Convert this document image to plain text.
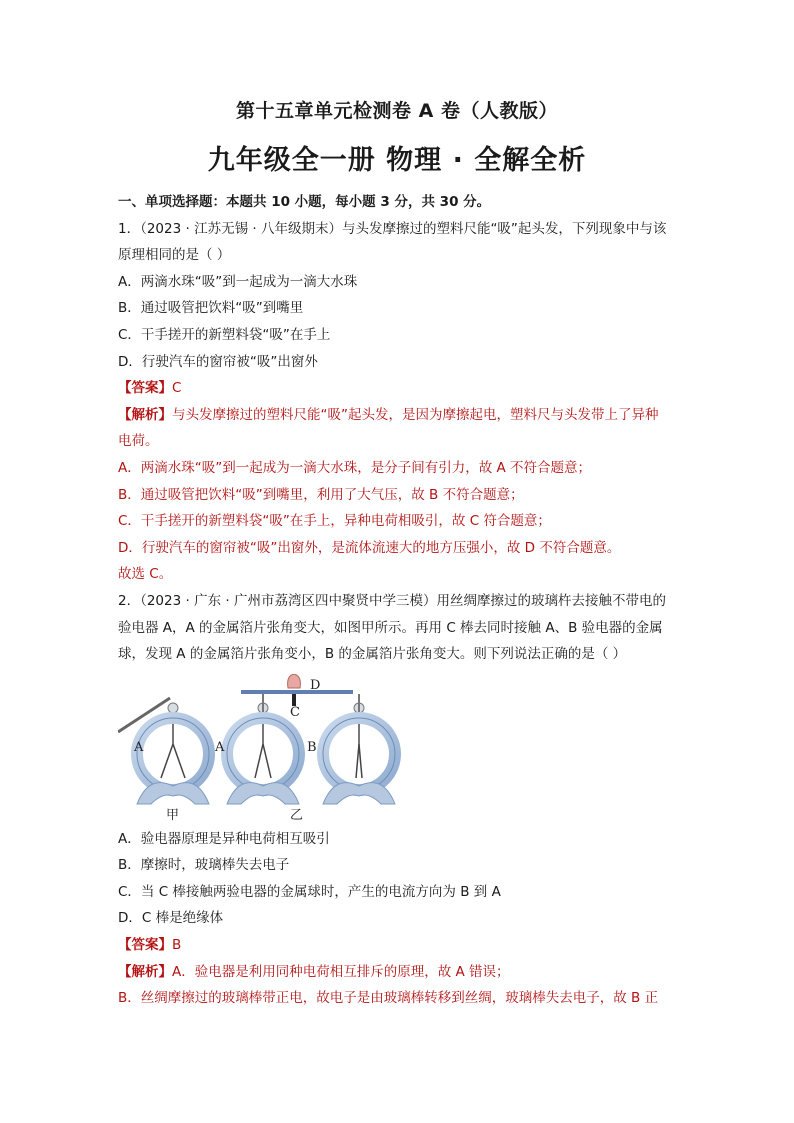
第十五章单元检测卷 A 卷（人教版）
九年级全一册 物理 · 全解全析
一、单项选择题：本题共 10 小题，每小题 3 分，共 30 分。
1．（2023 · 江苏无锡 · 八年级期末）与头发摩擦过的塑料尺能“吸”起头发，下列现象中与该
原理相同的是（ ）
A．两滴水珠“吸”到一起成为一滴大水珠
B．通过吸管把饮料“吸”到嘴里
C．干手搓开的新塑料袋“吸”在手上
D．行驶汽车的窗帘被“吸”出窗外
【答案】C
【解析】与头发摩擦过的塑料尺能“吸”起头发，是因为摩擦起电，塑料尺与头发带上了异种
电荷。
A．两滴水珠“吸”到一起成为一滴大水珠，是分子间有引力，故 A 不符合题意；
B．通过吸管把饮料“吸”到嘴里，利用了大气压，故 B 不符合题意；
C．干手搓开的新塑料袋“吸”在手上，异种电荷相吸引，故 C 符合题意；
D．行驶汽车的窗帘被“吸”出窗外，是流体流速大的地方压强小，故 D 不符合题意。
故选 C。
2．（2023 · 广东 · 广州市荔湾区四中聚贤中学三模）用丝绸摩擦过的玻璃杵去接触不带电的
验电器 A，A 的金属箔片张角变大，如图甲所示。再用 C 棒去同时接触 A、B 验电器的金属
球，发现 A 的金属箔片张角变小，B 的金属箔片张角变大。则下列说法正确的是（ ）
A	A	B
C
D
甲	乙
A．验电器原理是异种电荷相互吸引
B．摩擦时，玻璃棒失去电子
C．当 C 棒接触两验电器的金属球时，产生的电流方向为 B 到 A
D．C 棒是绝缘体
【答案】B
【解析】A．验电器是利用同种电荷相互排斥的原理，故 A 错误；
B．丝绸摩擦过的玻璃棒带正电，故电子是由玻璃棒转移到丝绸，玻璃棒失去电子，故 B 正
